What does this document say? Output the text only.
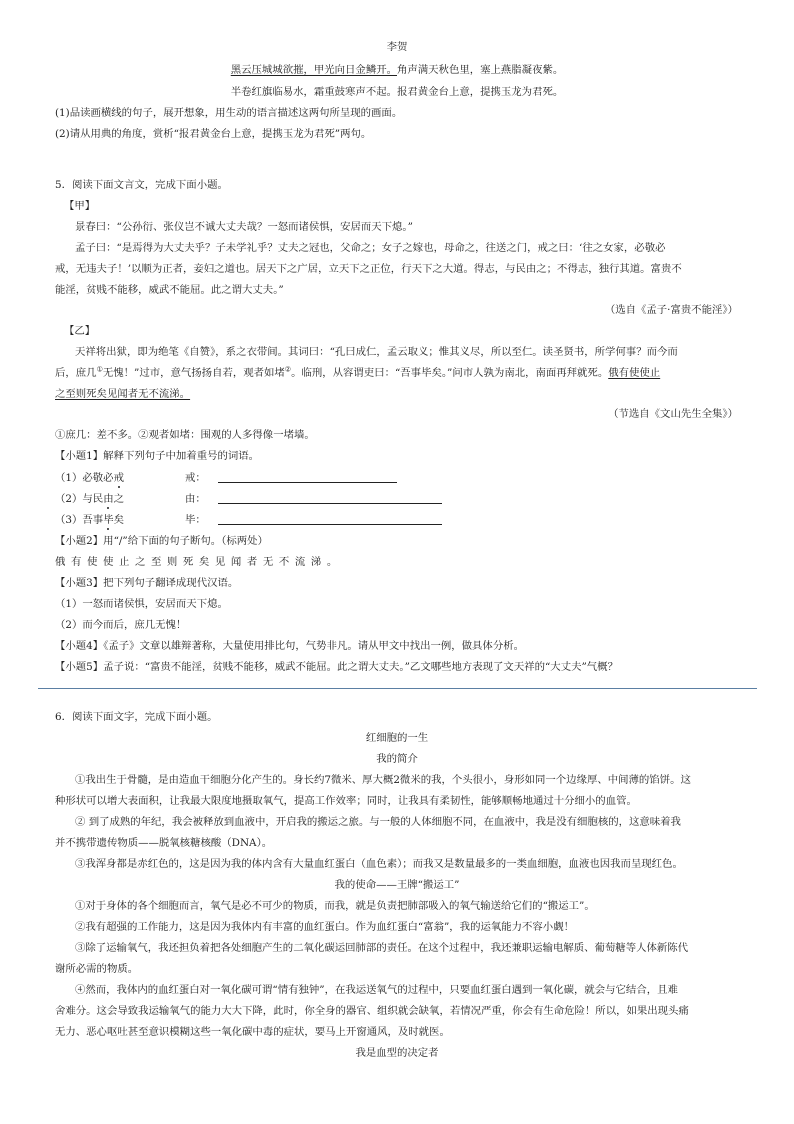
李贺
黑云压城城欲摧，甲光向日金鳞开。角声满天秋色里，塞上燕脂凝夜紫。
半卷红旗临易水，霜重鼓寒声不起。报君黄金台上意，提携玉龙为君死。
(1)品读画横线的句子，展开想象，用生动的语言描述这两句所呈现的画面。
(2)请从用典的角度，赏析“报君黄金台上意，提携玉龙为君死”两句。
5．阅读下面文言文，完成下面小题。
【甲】
景春曰：“公孙衍、张仪岂不诚大丈夫哉？一怒而诸侯惧，安居而天下熄。”
孟子曰：“是焉得为大丈夫乎？子未学礼乎？丈夫之冠也，父命之；女子之嫁也，母命之，往送之门，戒之曰：‘往之女家，必敬必
戒，无违夫子！’以顺为正者，妾妇之道也。居天下之广居，立天下之正位，行天下之大道。得志，与民由之；不得志，独行其道。富贵不
能淫，贫贱不能移，威武不能屈。此之谓大丈夫。”
（选自《孟子·富贵不能淫》）
【乙】
天祥将出狱，即为绝笔《自赞》，系之衣带间。其词曰：“孔曰成仁，孟云取义；惟其义尽，所以至仁。读圣贤书，所学何事？而今而
后，庶几①无愧！”过市，意气扬扬自若，观者如堵②。临刑，从容谓吏曰：“吾事毕矣。”问市人孰为南北，南面再拜就死。俄有使使止
之至则死矣见闻者无不流涕。
（节选自《文山先生全集》）
①庶几：差不多。②观者如堵：围观的人多得像一堵墙。
【小题1】解释下列句子中加着重号的词语。
（1）必敬必戒	戒：
（2）与民由之	由：
（3）吾事毕矣	毕：
【小题2】用“/”给下面的句子断句。（标两处）
俄有使使止之至则死矣见闻者无不流涕。
【小题3】把下列句子翻译成现代汉语。
（1）一怒而诸侯惧，安居而天下熄。
（2）而今而后，庶几无愧！
【小题4】《孟子》文章以雄辩著称，大量使用排比句，气势非凡。请从甲文中找出一例，做具体分析。
【小题5】孟子说：“富贵不能淫，贫贱不能移，威武不能屈。此之谓大丈夫。”乙文哪些地方表现了文天祥的“大丈夫”气概？
6．阅读下面文字，完成下面小题。
红细胞的一生
我的简介
①我出生于骨髓，是由造血干细胞分化产生的。身长约7微米、厚大概2微米的我，个头很小，身形如同一个边缘厚、中间薄的馅饼。这
种形状可以增大表面积，让我最大限度地摄取氧气，提高工作效率；同时，让我具有柔韧性，能够顺畅地通过十分细小的血管。
② 到了成熟的年纪，我会被释放到血液中，开启我的搬运之旅。与一般的人体细胞不同，在血液中，我是没有细胞核的，这意味着我
并不携带遗传物质——脱氧核糖核酸（DNA）。
③我浑身都是赤红色的，这是因为我的体内含有大量血红蛋白（血色素）；而我又是数量最多的一类血细胞，血液也因我而呈现红色。
我的使命——王牌“搬运工”
①对于身体的各个细胞而言，氧气是必不可少的物质，而我，就是负责把肺部吸入的氧气输送给它们的“搬运工”。
②我有超强的工作能力，这是因为我体内有丰富的血红蛋白。作为血红蛋白“富翁”，我的运氧能力不容小觑！
③除了运输氧气，我还担负着把各处细胞产生的二氧化碳运回肺部的责任。在这个过程中，我还兼职运输电解质、葡萄糖等人体新陈代
谢所必需的物质。
④然而，我体内的血红蛋白对一氧化碳可谓“情有独钟”，在我运送氧气的过程中，只要血红蛋白遇到一氧化碳，就会与它结合，且难
舍难分。这会导致我运输氧气的能力大大下降，此时，你全身的器官、组织就会缺氧，若情况严重，你会有生命危险！所以，如果出现头痛
无力、恶心呕吐甚至意识模糊这些一氧化碳中毒的症状，要马上开窗通风，及时就医。
我是血型的决定者
